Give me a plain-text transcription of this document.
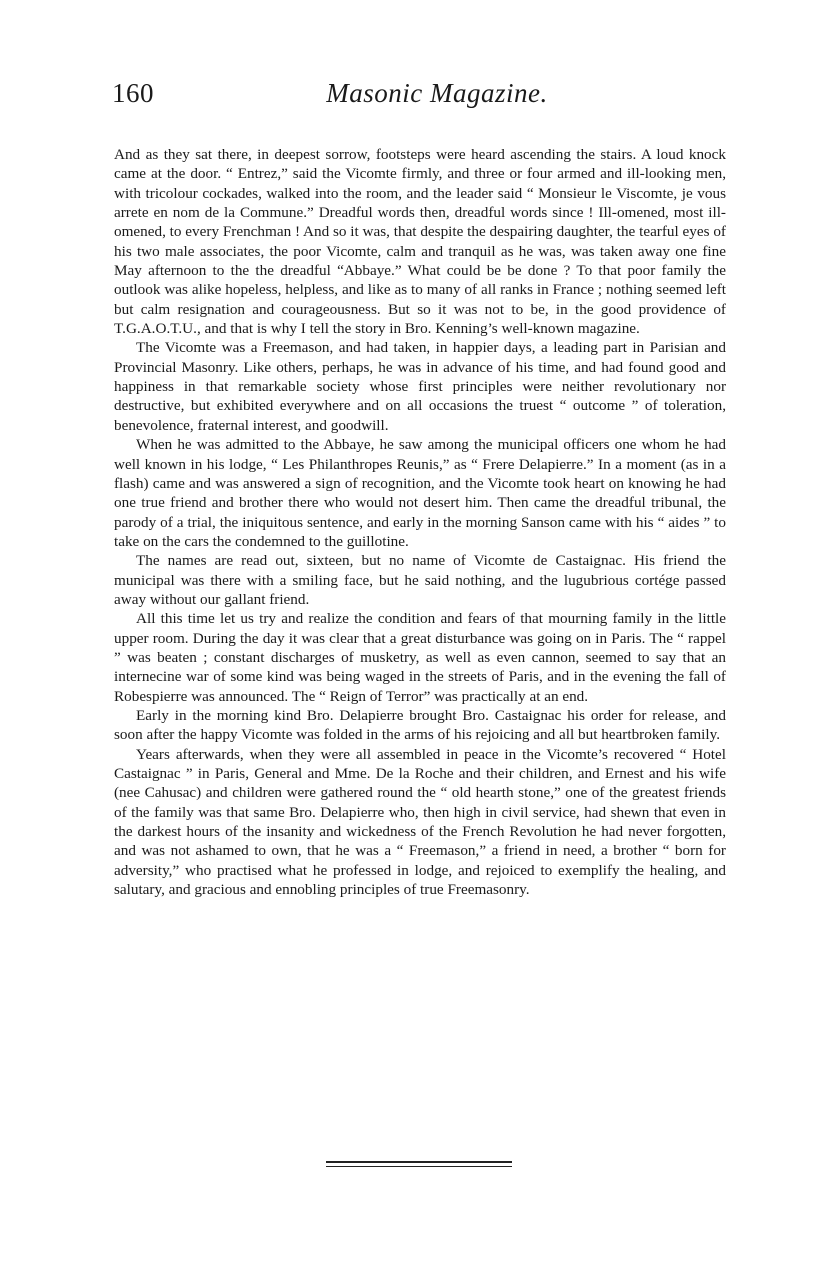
160	Masonic Magazine.

And as they sat there, in deepest sorrow, footsteps were heard ascending the stairs. A loud knock came at the door. “ Entrez,” said the Vicomte firmly, and three or four armed and ill-looking men, with tricolour cockades, walked into the room, and the leader said “ Monsieur le Viscomte, je vous arrete en nom de la Commune.” Dreadful words then, dreadful words since ! Ill-omened, most ill-omened, to every Frenchman ! And so it was, that despite the despairing daughter, the tearful eyes of his two male associates, the poor Vicomte, calm and tranquil as he was, was taken away one fine May afternoon to the the dreadful “Abbaye.” What could be be done ? To that poor family the outlook was alike hopeless, helpless, and like as to many of all ranks in France ; nothing seemed left but calm resignation and courageousness. But so it was not to be, in the good providence of T.G.A.O.T.U., and that is why I tell the story in Bro. Kenning’s well-known magazine.

The Vicomte was a Freemason, and had taken, in happier days, a leading part in Parisian and Provincial Masonry. Like others, perhaps, he was in advance of his time, and had found good and happiness in that remarkable society whose first principles were neither revolutionary nor destructive, but exhibited everywhere and on all occasions the truest “ outcome ” of toleration, benevolence, fraternal interest, and goodwill.

When he was admitted to the Abbaye, he saw among the municipal officers one whom he had well known in his lodge, “ Les Philanthropes Reunis,” as “ Frere Delapierre.” In a moment (as in a flash) came and was answered a sign of recognition, and the Vicomte took heart on knowing he had one true friend and brother there who would not desert him. Then came the dreadful tribunal, the parody of a trial, the iniquitous sentence, and early in the morning Sanson came with his “ aides ” to take on the cars the condemned to the guillotine.

The names are read out, sixteen, but no name of Vicomte de Castaignac. His friend the municipal was there with a smiling face, but he said nothing, and the lugubrious cortége passed away without our gallant friend.

All this time let us try and realize the condition and fears of that mourning family in the little upper room. During the day it was clear that a great disturbance was going on in Paris. The “ rappel ” was beaten ; constant discharges of musketry, as well as even cannon, seemed to say that an internecine war of some kind was being waged in the streets of Paris, and in the evening the fall of Robespierre was announced. The “ Reign of Terror” was practically at an end.

Early in the morning kind Bro. Delapierre brought Bro. Castaignac his order for release, and soon after the happy Vicomte was folded in the arms of his rejoicing and all but heartbroken family.

Years afterwards, when they were all assembled in peace in the Vicomte’s recovered “ Hotel Castaignac ” in Paris, General and Mme. De la Roche and their children, and Ernest and his wife (nee Cahusac) and children were gathered round the “ old hearth stone,” one of the greatest friends of the family was that same Bro. Delapierre who, then high in civil service, had shewn that even in the darkest hours of the insanity and wickedness of the French Revolution he had never forgotten, and was not ashamed to own, that he was a “ Freemason,” a friend in need, a brother “ born for adversity,” who practised what he professed in lodge, and rejoiced to exemplify the healing, and salutary, and gracious and ennobling principles of true Freemasonry.
